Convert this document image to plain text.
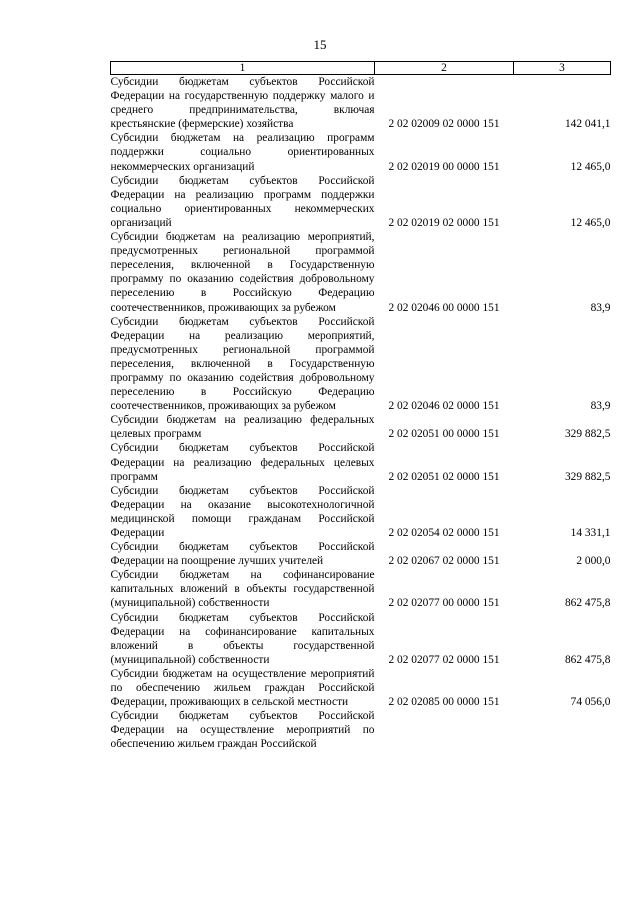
15
1	2	3
Субсидии бюджетам субъектов Российской Федерации на государственную поддержку малого и среднего предпринимательства, включая крестьянские (фермерские) хозяйства	2 02 02009 02 0000 151	142 041,1
Субсидии бюджетам на реализацию программ поддержки социально ориентированных некоммерческих организаций	2 02 02019 00 0000 151	12 465,0
Субсидии бюджетам субъектов Российской Федерации на реализацию программ поддержки социально ориентированных некоммерческих организаций	2 02 02019 02 0000 151	12 465,0
Субсидии бюджетам на реализацию мероприятий, предусмотренных региональной программой переселения, включенной в Государственную программу по оказанию содействия добровольному переселению в Российскую Федерацию соотечественников, проживающих за рубежом	2 02 02046 00 0000 151	83,9
Субсидии бюджетам субъектов Российской Федерации на реализацию мероприятий, предусмотренных региональной программой переселения, включенной в Государственную программу по оказанию содействия добровольному переселению в Российскую Федерацию соотечественников, проживающих за рубежом	2 02 02046 02 0000 151	83,9
Субсидии бюджетам на реализацию федеральных целевых программ	2 02 02051 00 0000 151	329 882,5
Субсидии бюджетам субъектов Российской Федерации на реализацию федеральных целевых программ	2 02 02051 02 0000 151	329 882,5
Субсидии бюджетам субъектов Российской Федерации на оказание высокотехнологичной медицинской помощи гражданам Российской Федерации	2 02 02054 02 0000 151	14 331,1
Субсидии бюджетам субъектов Российской Федерации на поощрение лучших учителей	2 02 02067 02 0000 151	2 000,0
Субсидии бюджетам на софинансирование капитальных вложений в объекты государственной (муниципальной) собственности	2 02 02077 00 0000 151	862 475,8
Субсидии бюджетам субъектов Российской Федерации на софинансирование капитальных вложений в объекты государственной (муниципальной) собственности	2 02 02077 02 0000 151	862 475,8
Субсидии бюджетам на осуществление мероприятий по обеспечению жильем граждан Российской Федерации, проживающих в сельской местности	2 02 02085 00 0000 151	74 056,0
Субсидии бюджетам субъектов Российской Федерации на осуществление мероприятий по обеспечению жильем граждан Российской		
